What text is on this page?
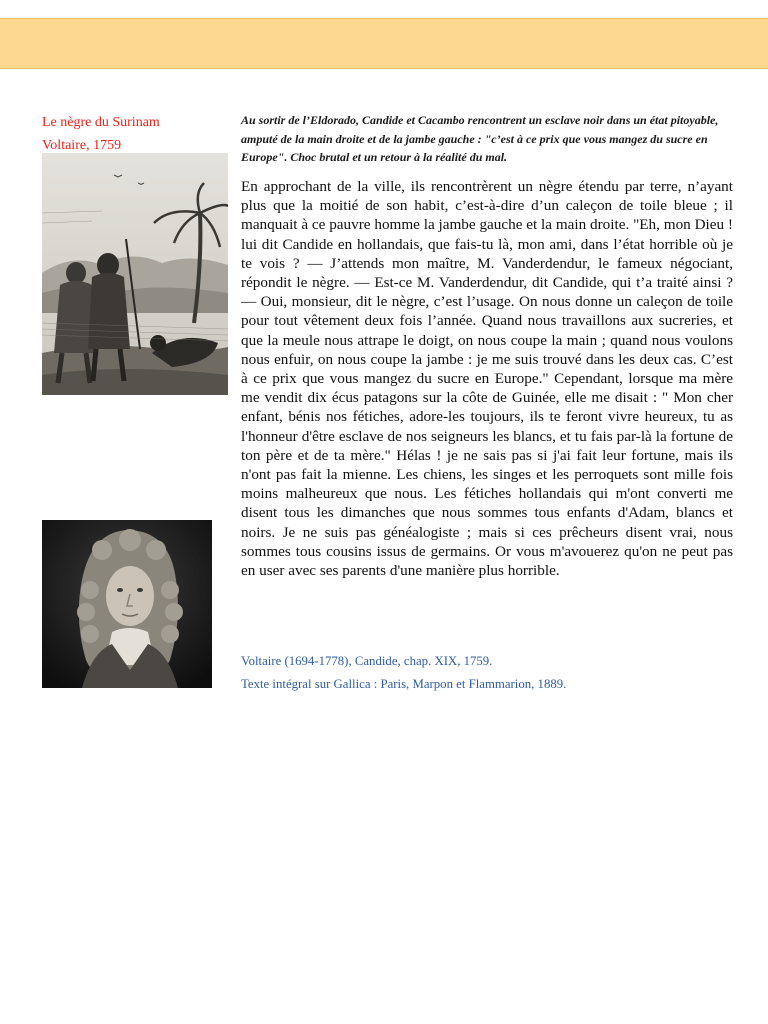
Le nègre du Surinam
Voltaire, 1759
Au sortir de l’Eldorado, Candide et Cacambo rencontrent un esclave noir dans un état pitoyable, amputé de la main droite et de la jambe gauche : "c’est à ce prix que vous mangez du sucre en Europe". Choc brutal et un retour à la réalité du mal.
En approchant de la ville, ils rencontrèrent un nègre étendu par terre, n’ayant plus que la moitié de son habit, c’est-à-dire d’un caleçon de toile bleue ; il manquait à ce pauvre homme la jambe gauche et la main droite. "Eh, mon Dieu ! lui dit Candide en hollandais, que fais-tu là, mon ami, dans l’état horrible où je te vois ? — J’attends mon maître, M. Vanderdendur, le fameux négociant, répondit le nègre. — Est-ce M. Vanderdendur, dit Candide, qui t’a traité ainsi ? — Oui, monsieur, dit le nègre, c’est l’usage. On nous donne un caleçon de toile pour tout vêtement deux fois l’année. Quand nous travaillons aux sucreries, et que la meule nous attrape le doigt, on nous coupe la main ; quand nous voulons nous enfuir, on nous coupe la jambe : je me suis trouvé dans les deux cas. C’est à ce prix que vous mangez du sucre en Europe." Cependant, lorsque ma mère me vendit dix écus patagons sur la côte de Guinée, elle me disait : " Mon cher enfant, bénis nos fétiches, adore-les toujours, ils te feront vivre heureux, tu as l'honneur d'être esclave de nos seigneurs les blancs, et tu fais par-là la fortune de ton père et de ta mère." Hélas ! je ne sais pas si j'ai fait leur fortune, mais ils n'ont pas fait la mienne. Les chiens, les singes et les perroquets sont mille fois moins malheureux que nous. Les fétiches hollandais qui m'ont converti me disent tous les dimanches que nous sommes tous enfants d'Adam, blancs et noirs. Je ne suis pas généalogiste ; mais si ces prêcheurs disent vrai, nous sommes tous cousins issus de germains. Or vous m'avouerez qu'on ne peut pas en user avec ses parents d'une manière plus horrible.
Voltaire (1694-1778), Candide, chap. XIX, 1759.
Texte intégral sur Gallica : Paris, Marpon et Flammarion, 1889.
